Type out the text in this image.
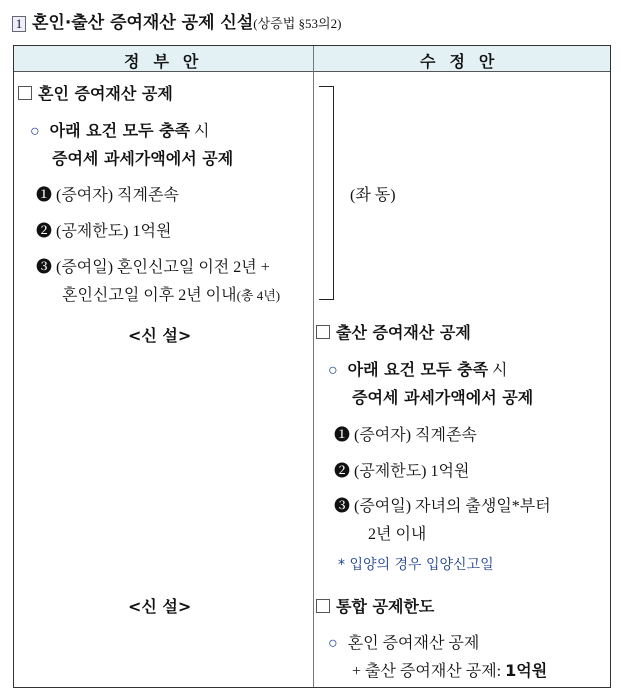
1 혼인·출산 증여재산 공제 신설(상증법 §53의2)
정부안	수정안
혼인 증여재산 공제
○ 아래 요건 모두 충족 시
증여세 과세가액에서 공제
❶ (증여자) 직계존속
❷ (공제한도) 1억원
❸ (증여일) 혼인신고일 이전 2년 +
혼인신고일 이후 2년 이내(총 4년)
<신 설>
<신 설>
(좌 동)
출산 증여재산 공제
○ 아래 요건 모두 충족 시
증여세 과세가액에서 공제
❶ (증여자) 직계존속
❷ (공제한도) 1억원
❸ (증여일) 자녀의 출생일*부터
2년 이내
* 입양의 경우 입양신고일
통합 공제한도
○ 혼인 증여재산 공제
+ 출산 증여재산 공제: 1억원
